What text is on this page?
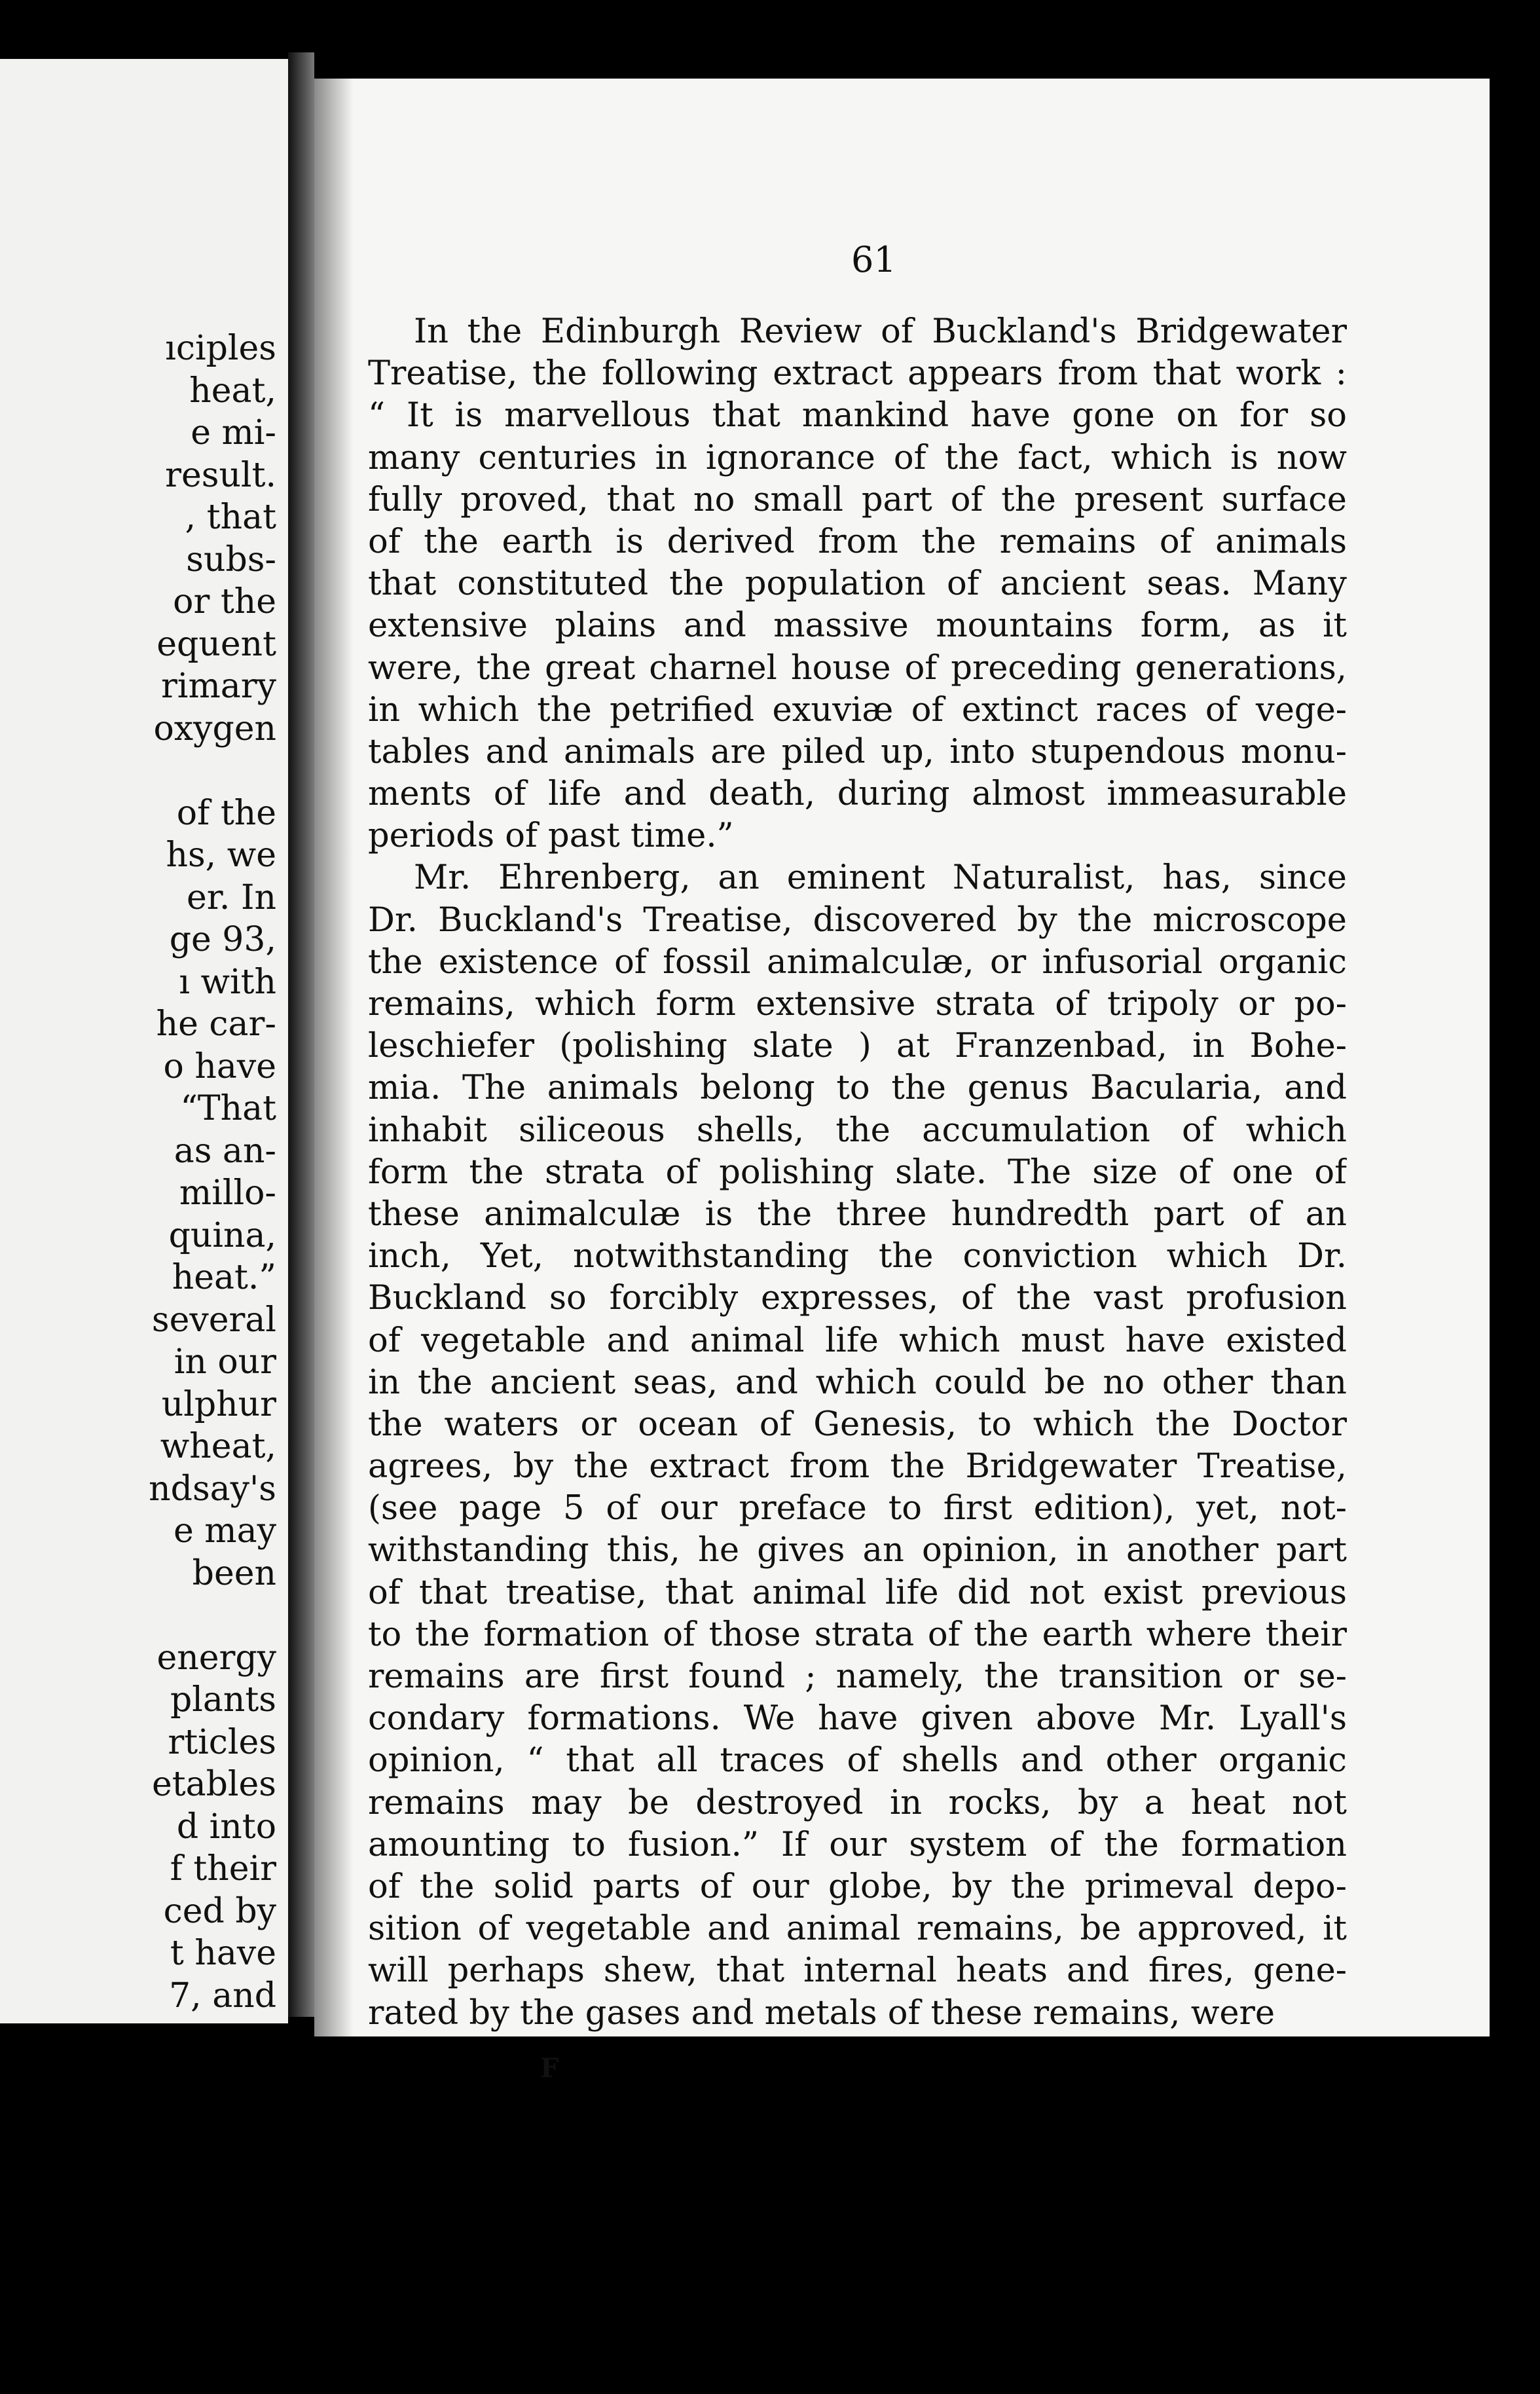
ıciples
heat,
e mi-
result.
, that
subs-
or the
equent
rimary
oxygen
of the
hs, we
er. In
ge 93,
ı with
he car-
o have
“That
as an-
millo-
quina,
heat.”
several
in our
ulphur
wheat,
ndsay's
e may
been
energy
plants
rticles
etables
d into
f their
ced by
t have
7, and
61
In the Edinburgh Review of Buckland's Bridgewater
Treatise, the following extract appears from that work :
“ It is marvellous that mankind have gone on for so
many centuries in ignorance of the fact, which is now
fully proved, that no small part of the present surface
of the earth is derived from the remains of animals
that constituted the population of ancient seas. Many
extensive plains and massive mountains form, as it
were, the great charnel house of preceding generations,
in which the petrified exuviæ of extinct races of vege-
tables and animals are piled up, into stupendous monu-
ments of life and death, during almost immeasurable
periods of past time.”
Mr. Ehrenberg, an eminent Naturalist, has, since
Dr. Buckland's Treatise, discovered by the microscope
the existence of fossil animalculæ, or infusorial organic
remains, which form extensive strata of tripoly or po-
leschiefer (polishing slate ) at Franzenbad, in Bohe-
mia. The animals belong to the genus Bacularia, and
inhabit siliceous shells, the accumulation of which
form the strata of polishing slate. The size of one of
these animalculæ is the three hundredth part of an
inch, Yet, notwithstanding the conviction which Dr.
Buckland so forcibly expresses, of the vast profusion
of vegetable and animal life which must have existed
in the ancient seas, and which could be no other than
the waters or ocean of Genesis, to which the Doctor
agrees, by the extract from the Bridgewater Treatise,
(see page 5 of our preface to first edition), yet, not-
withstanding this, he gives an opinion, in another part
of that treatise, that animal life did not exist previous
to the formation of those strata of the earth where their
remains are first found ; namely, the transition or se-
condary formations. We have given above Mr. Lyall's
opinion, “ that all traces of shells and other organic
remains may be destroyed in rocks, by a heat not
amounting to fusion.” If our system of the formation
of the solid parts of our globe, by the primeval depo-
sition of vegetable and animal remains, be approved, it
will perhaps shew, that internal heats and fires, gene-
rated by the gases and metals of these remains, were
F
